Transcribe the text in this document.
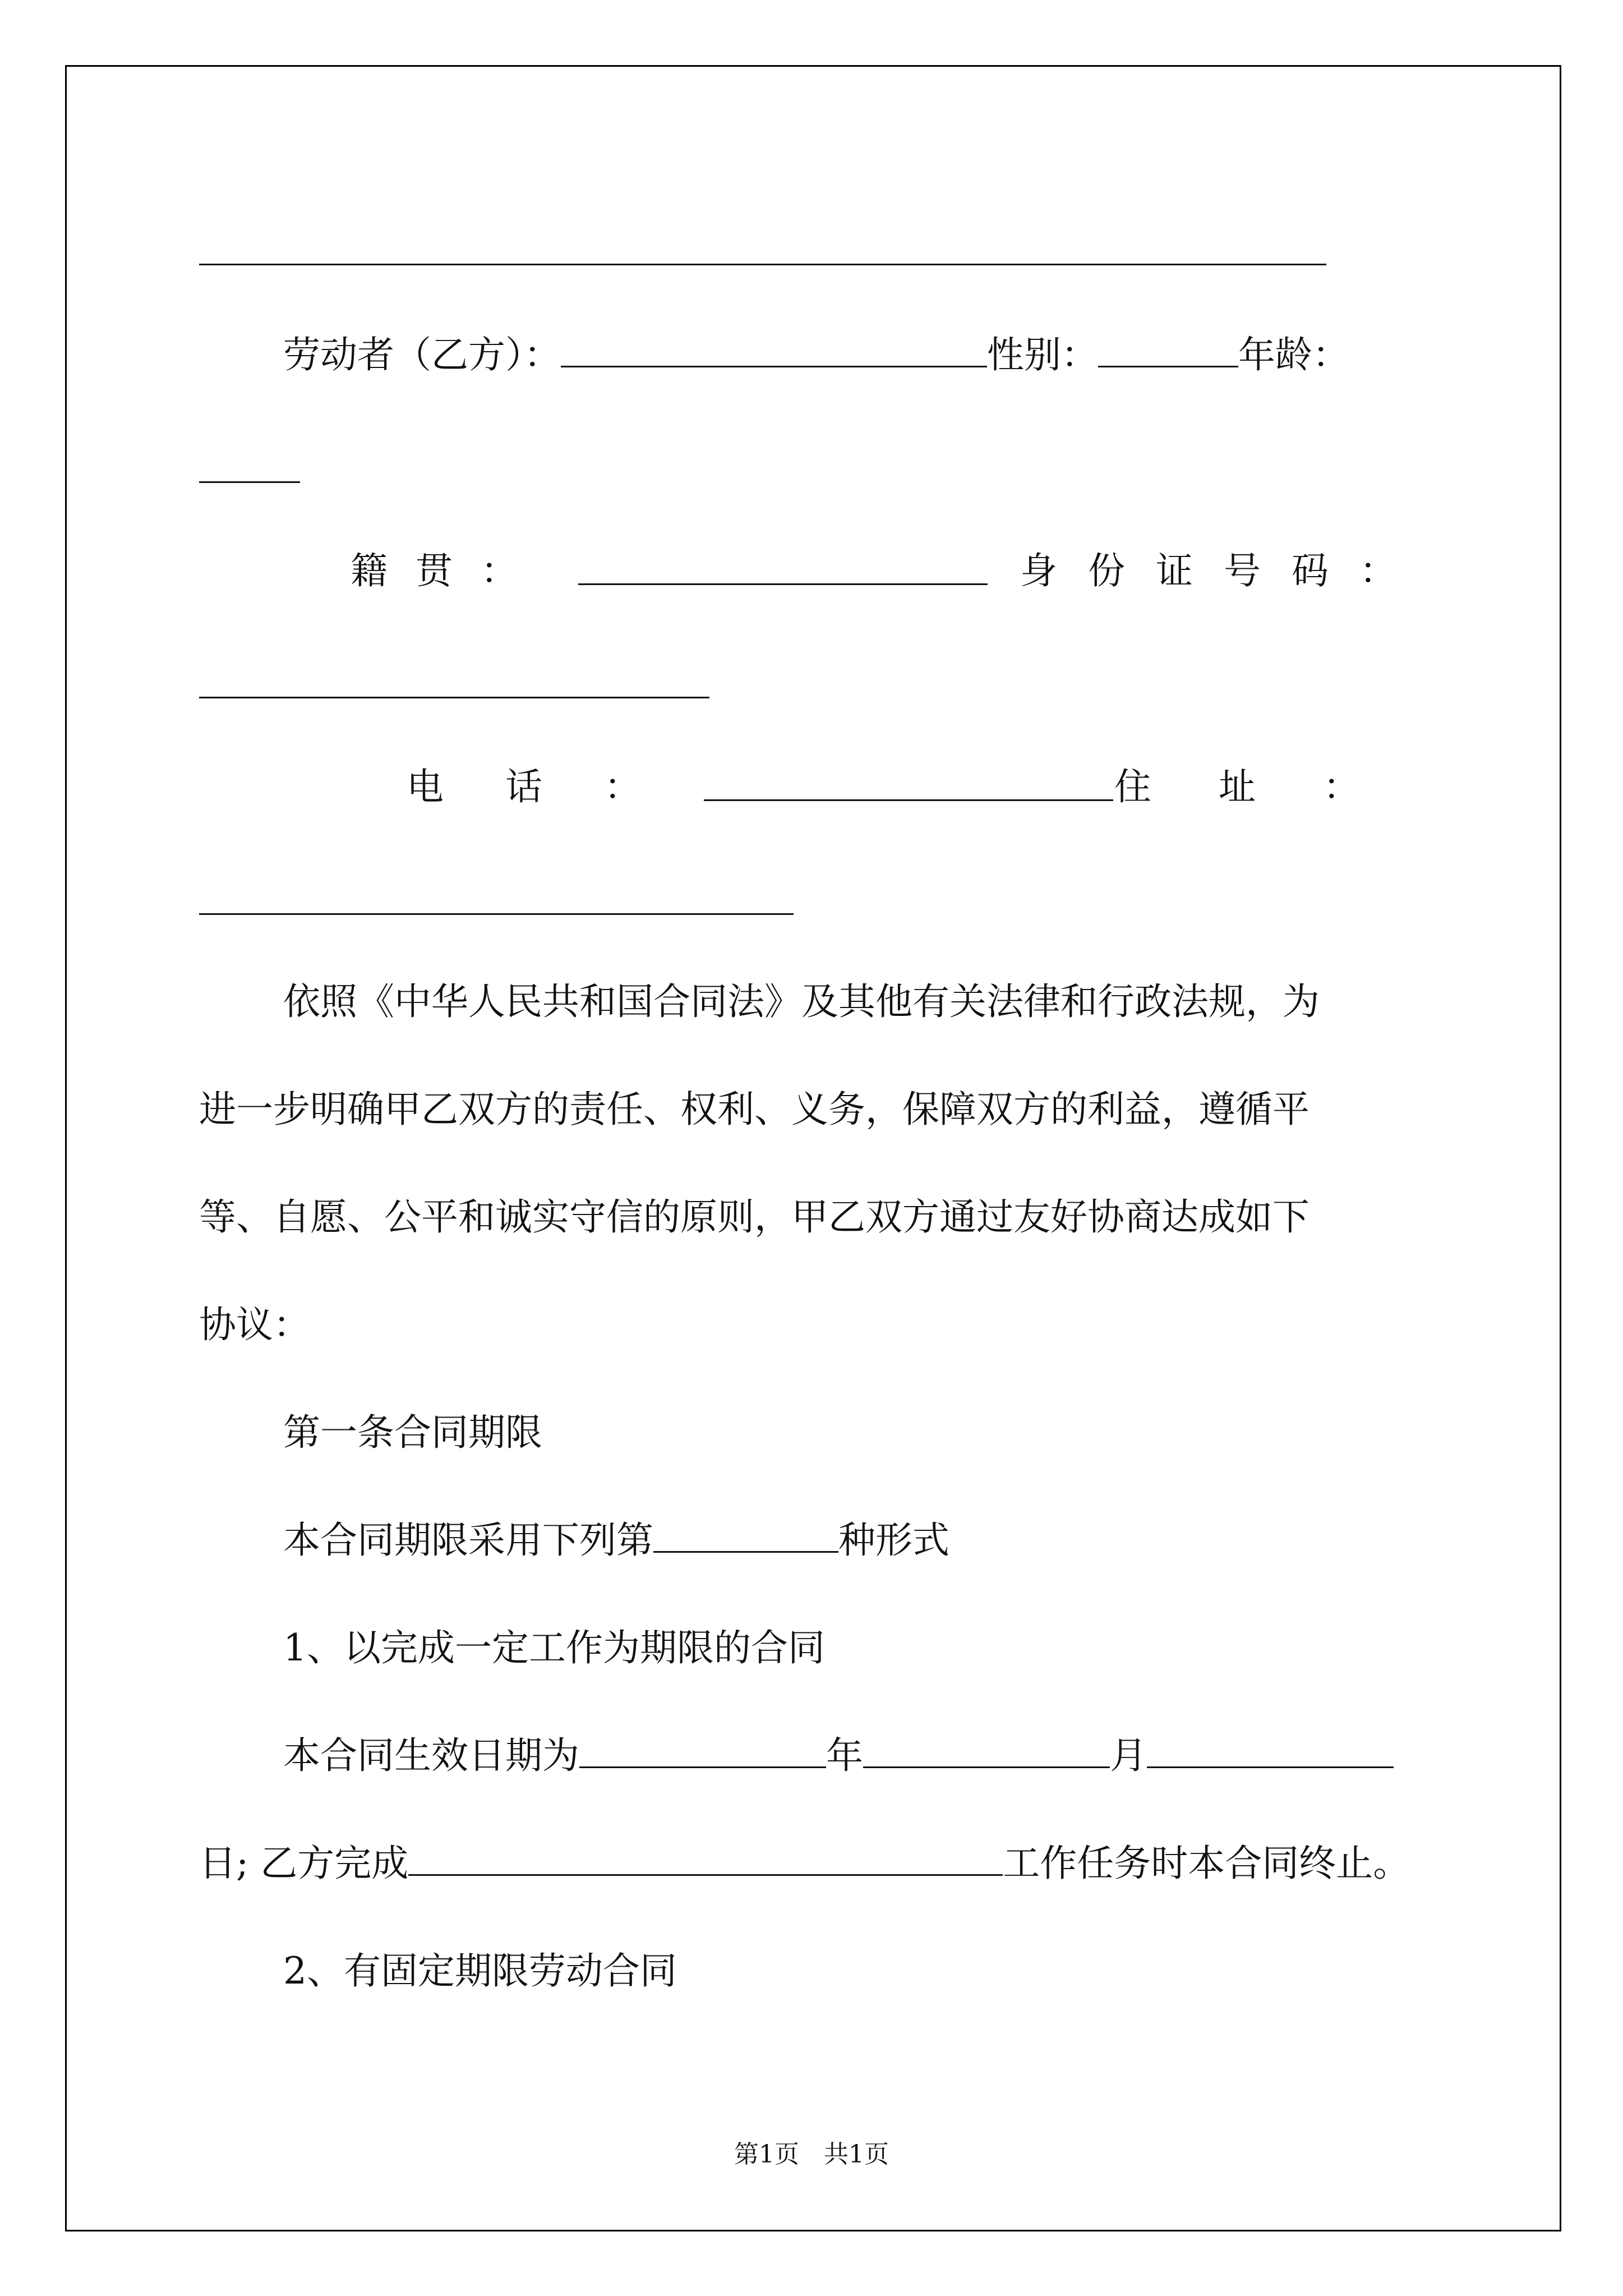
劳动者（乙方）：	性别：	年龄：
籍贯：	身份证号码：
电话：	住址：
依照《中华人民共和国合同法》及其他有关法律和行政法规，为
进一步明确甲乙双方的责任、权利、义务，保障双方的利益，遵循平
等、自愿、公平和诚实守信的原则，甲乙双方通过友好协商达成如下
协议：
第一条合同期限
本合同期限采用下列第	种形式
1、以完成一定工作为期限的合同
本合同生效日期为	年	月
日; 乙方完成	工作任务时本合同终止。
2、有固定期限劳动合同
第1页　共1页
